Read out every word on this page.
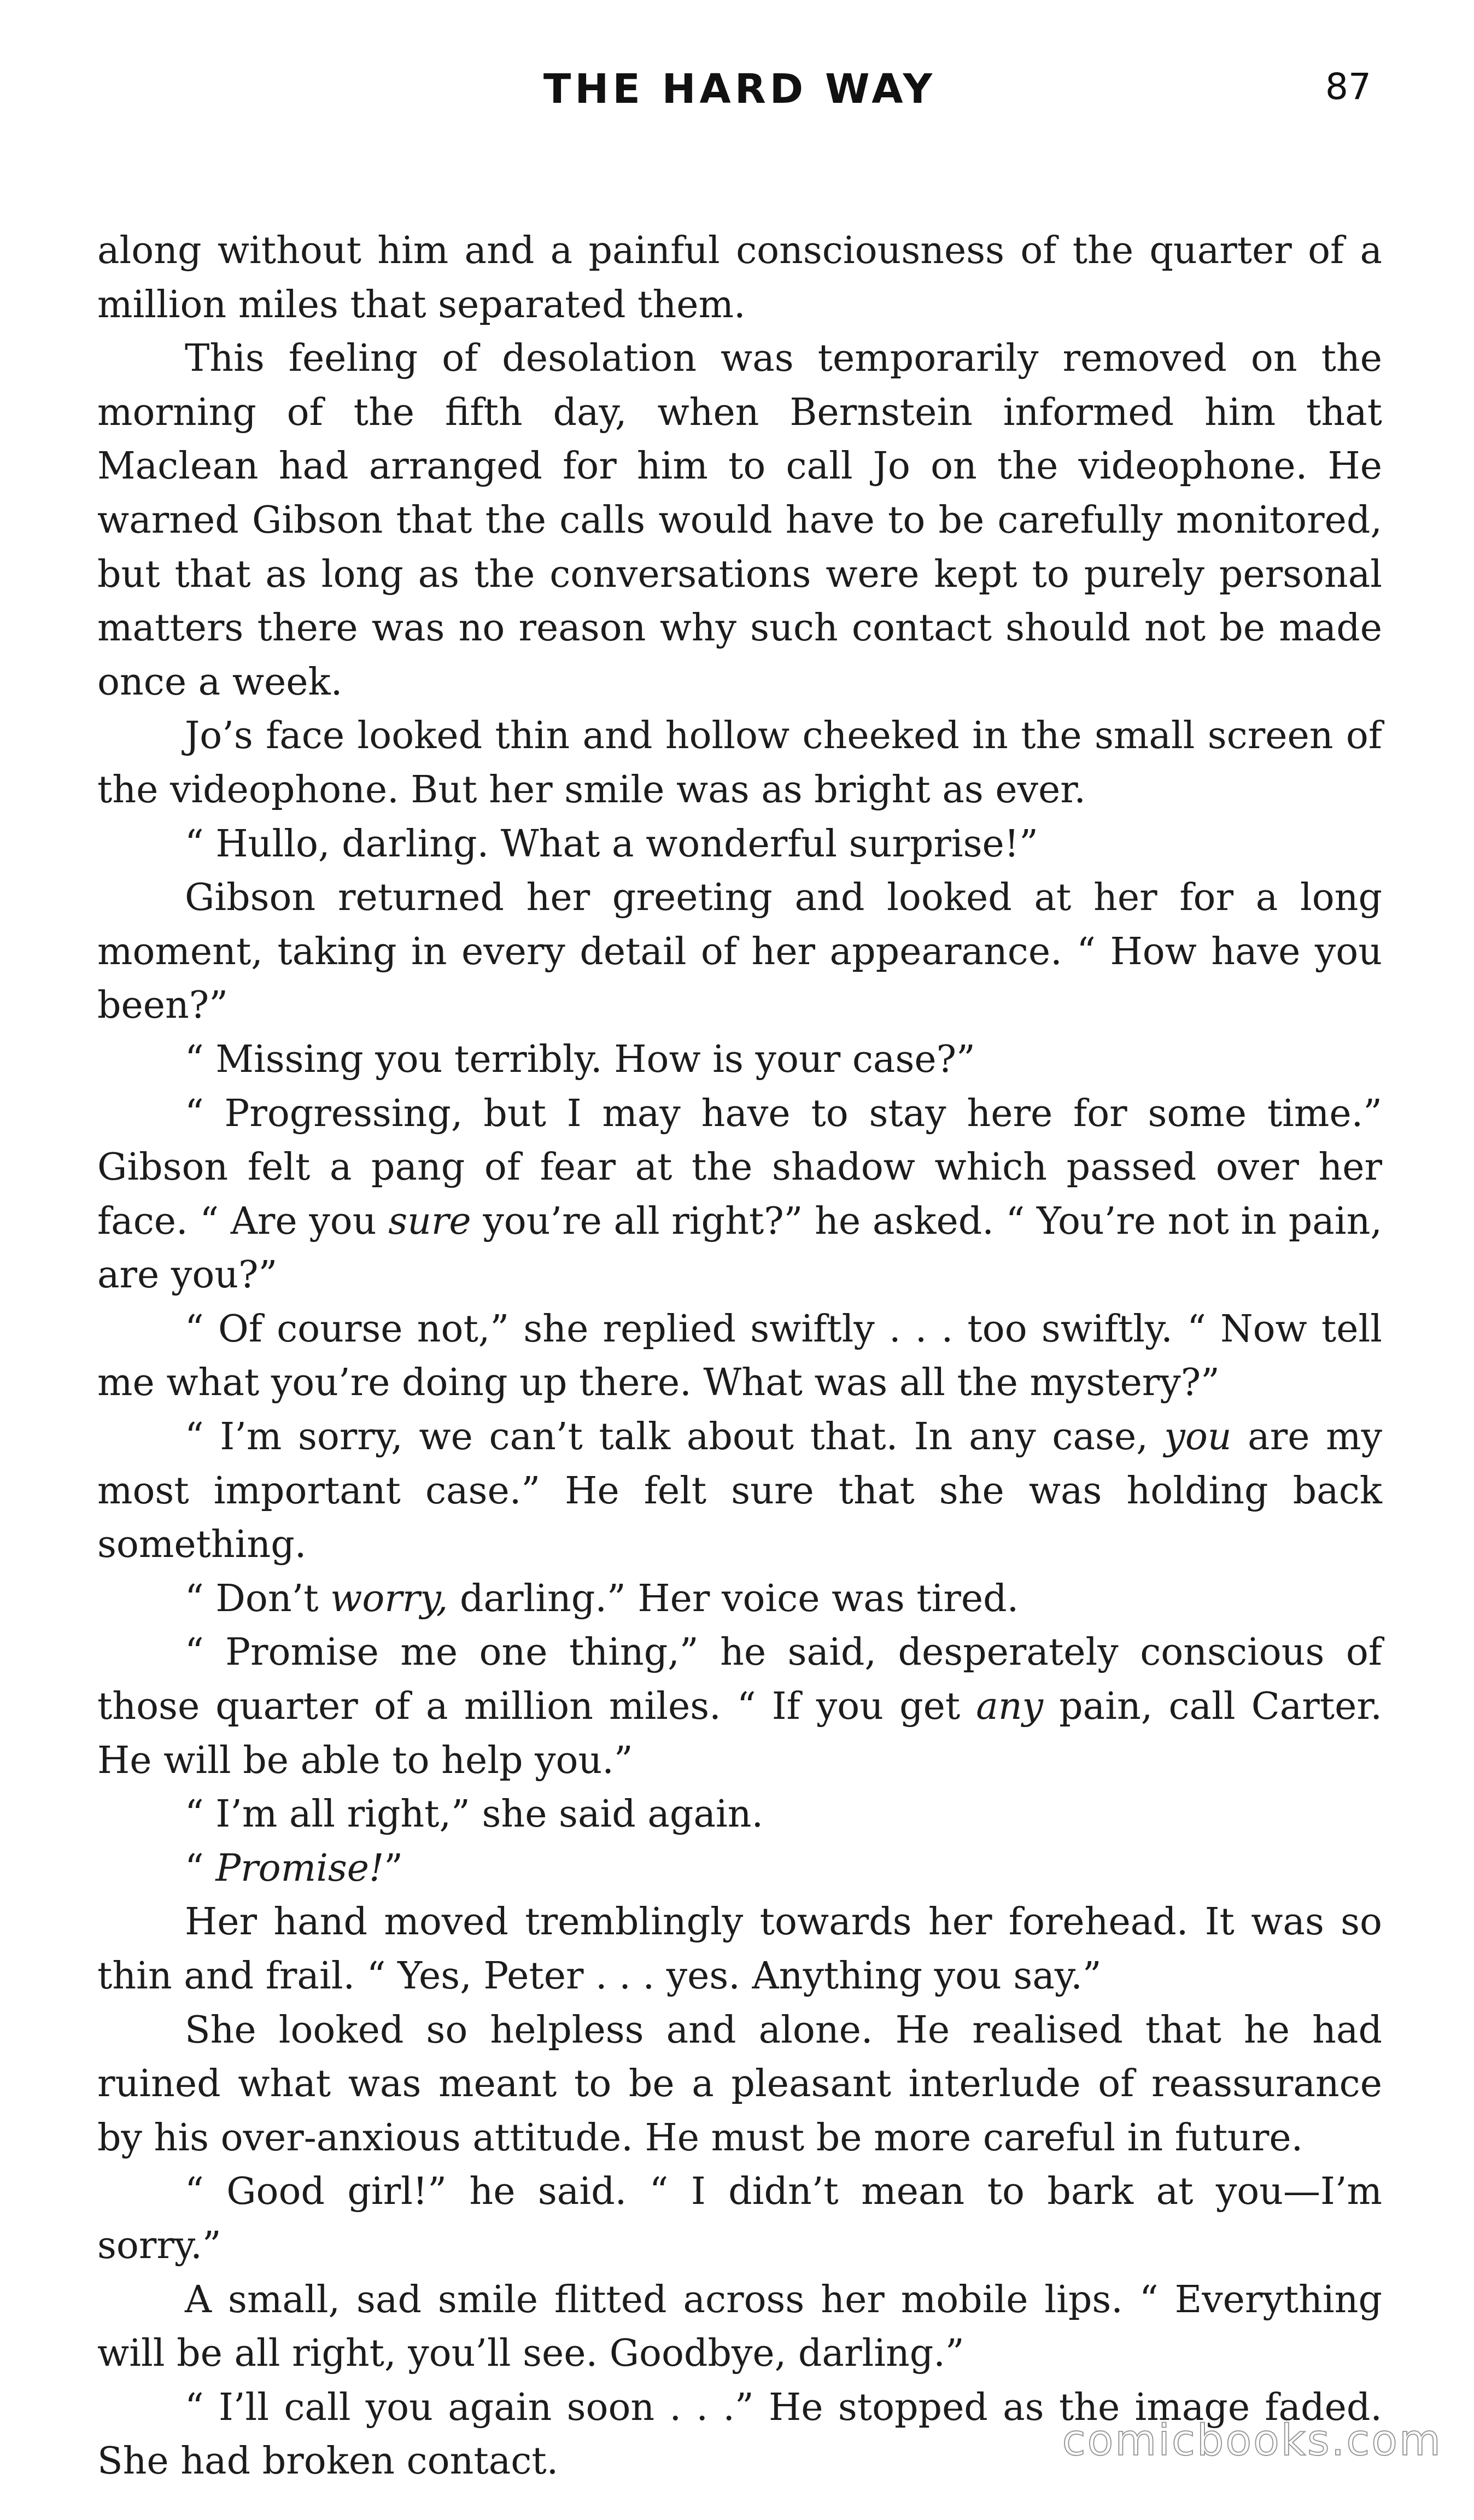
THE HARD WAY	87

along without him and a painful consciousness of the quarter of a million miles that separated them.

This feeling of desolation was temporarily removed on the morning of the fifth day, when Bernstein informed him that Maclean had arranged for him to call Jo on the videophone. He warned Gibson that the calls would have to be carefully monitored, but that as long as the conversations were kept to purely personal matters there was no reason why such contact should not be made once a week.

Jo’s face looked thin and hollow cheeked in the small screen of the videophone. But her smile was as bright as ever.

“ Hullo, darling. What a wonderful surprise!”

Gibson returned her greeting and looked at her for a long moment, taking in every detail of her appearance. “ How have you been?”

“ Missing you terribly. How is your case?”

“ Progressing, but I may have to stay here for some time.” Gibson felt a pang of fear at the shadow which passed over her face. “ Are you sure you’re all right?” he asked. “ You’re not in pain, are you?”

“ Of course not,” she replied swiftly . . . too swiftly. “ Now tell me what you’re doing up there. What was all the mystery?”

“ I’m sorry, we can’t talk about that. In any case, you are my most important case.” He felt sure that she was holding back something.

“ Don’t worry, darling.” Her voice was tired.

“ Promise me one thing,” he said, desperately conscious of those quarter of a million miles. “ If you get any pain, call Carter. He will be able to help you.”

“ I’m all right,” she said again.

“ Promise!”

Her hand moved tremblingly towards her forehead. It was so thin and frail. “ Yes, Peter . . . yes. Anything you say.”

She looked so helpless and alone. He realised that he had ruined what was meant to be a pleasant interlude of reassurance by his over-anxious attitude. He must be more careful in future.

“ Good girl!” he said. “ I didn’t mean to bark at you—I’m sorry.”

A small, sad smile flitted across her mobile lips. “ Everything will be all right, you’ll see. Goodbye, darling.”

“ I’ll call you again soon . . .” He stopped as the image faded. She had broken contact.	comicbooks.com
